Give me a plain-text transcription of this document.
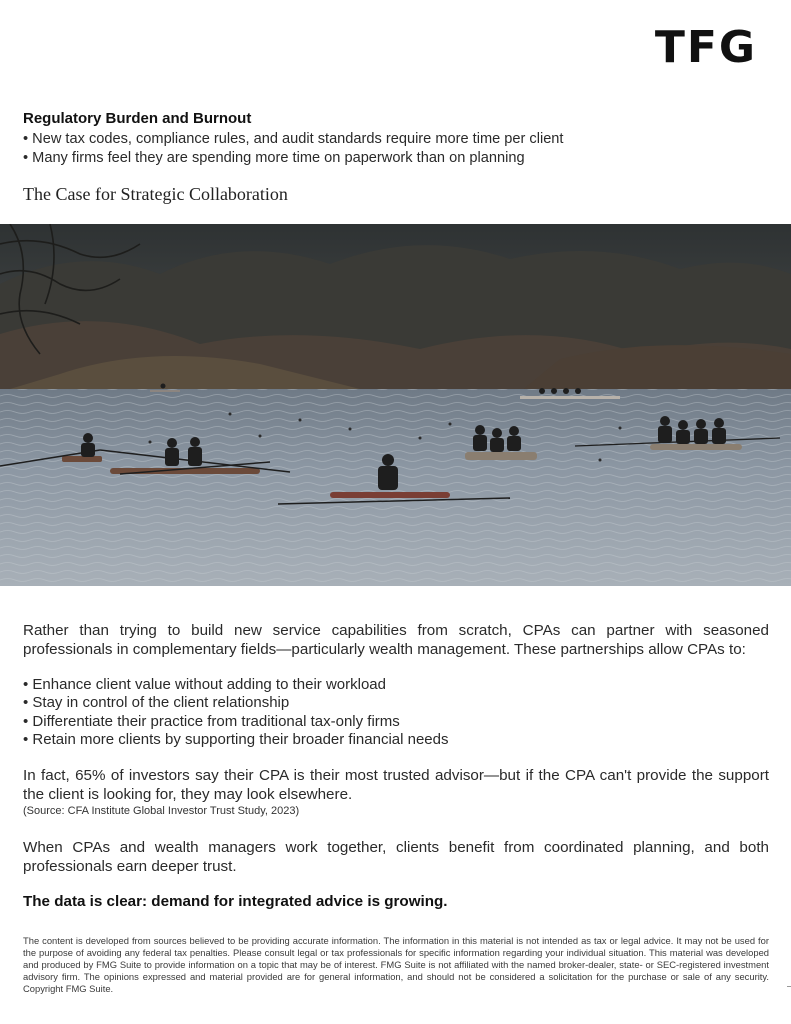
TFG
Regulatory Burden and Burnout
• New tax codes, compliance rules, and audit standards require more time per client
• Many firms feel they are spending more time on paperwork than on planning
The Case for Strategic Collaboration
Rather than trying to build new service capabilities from scratch, CPAs can partner with seasoned professionals in complementary fields—particularly wealth management. These partnerships allow CPAs to:
• Enhance client value without adding to their workload
• Stay in control of the client relationship
• Differentiate their practice from traditional tax-only firms
• Retain more clients by supporting their broader financial needs
In fact, 65% of investors say their CPA is their most trusted advisor—but if the CPA can't provide the support the client is looking for, they may look elsewhere.
(Source: CFA Institute Global Investor Trust Study, 2023)
When CPAs and wealth managers work together, clients benefit from coordinated planning, and both professionals earn deeper trust.
The data is clear: demand for integrated advice is growing.
The content is developed from sources believed to be providing accurate information. The information in this material is not intended as tax or legal advice. It may not be used for the purpose of avoiding any federal tax penalties. Please consult legal or tax professionals for specific information regarding your individual situation. This material was developed and produced by FMG Suite to provide information on a topic that may be of interest. FMG Suite is not affiliated with the named broker-dealer, state- or SEC-registered investment advisory firm. The opinions expressed and material provided are for general information, and should not be considered a solicitation for the purchase or sale of any security. Copyright FMG Suite.
